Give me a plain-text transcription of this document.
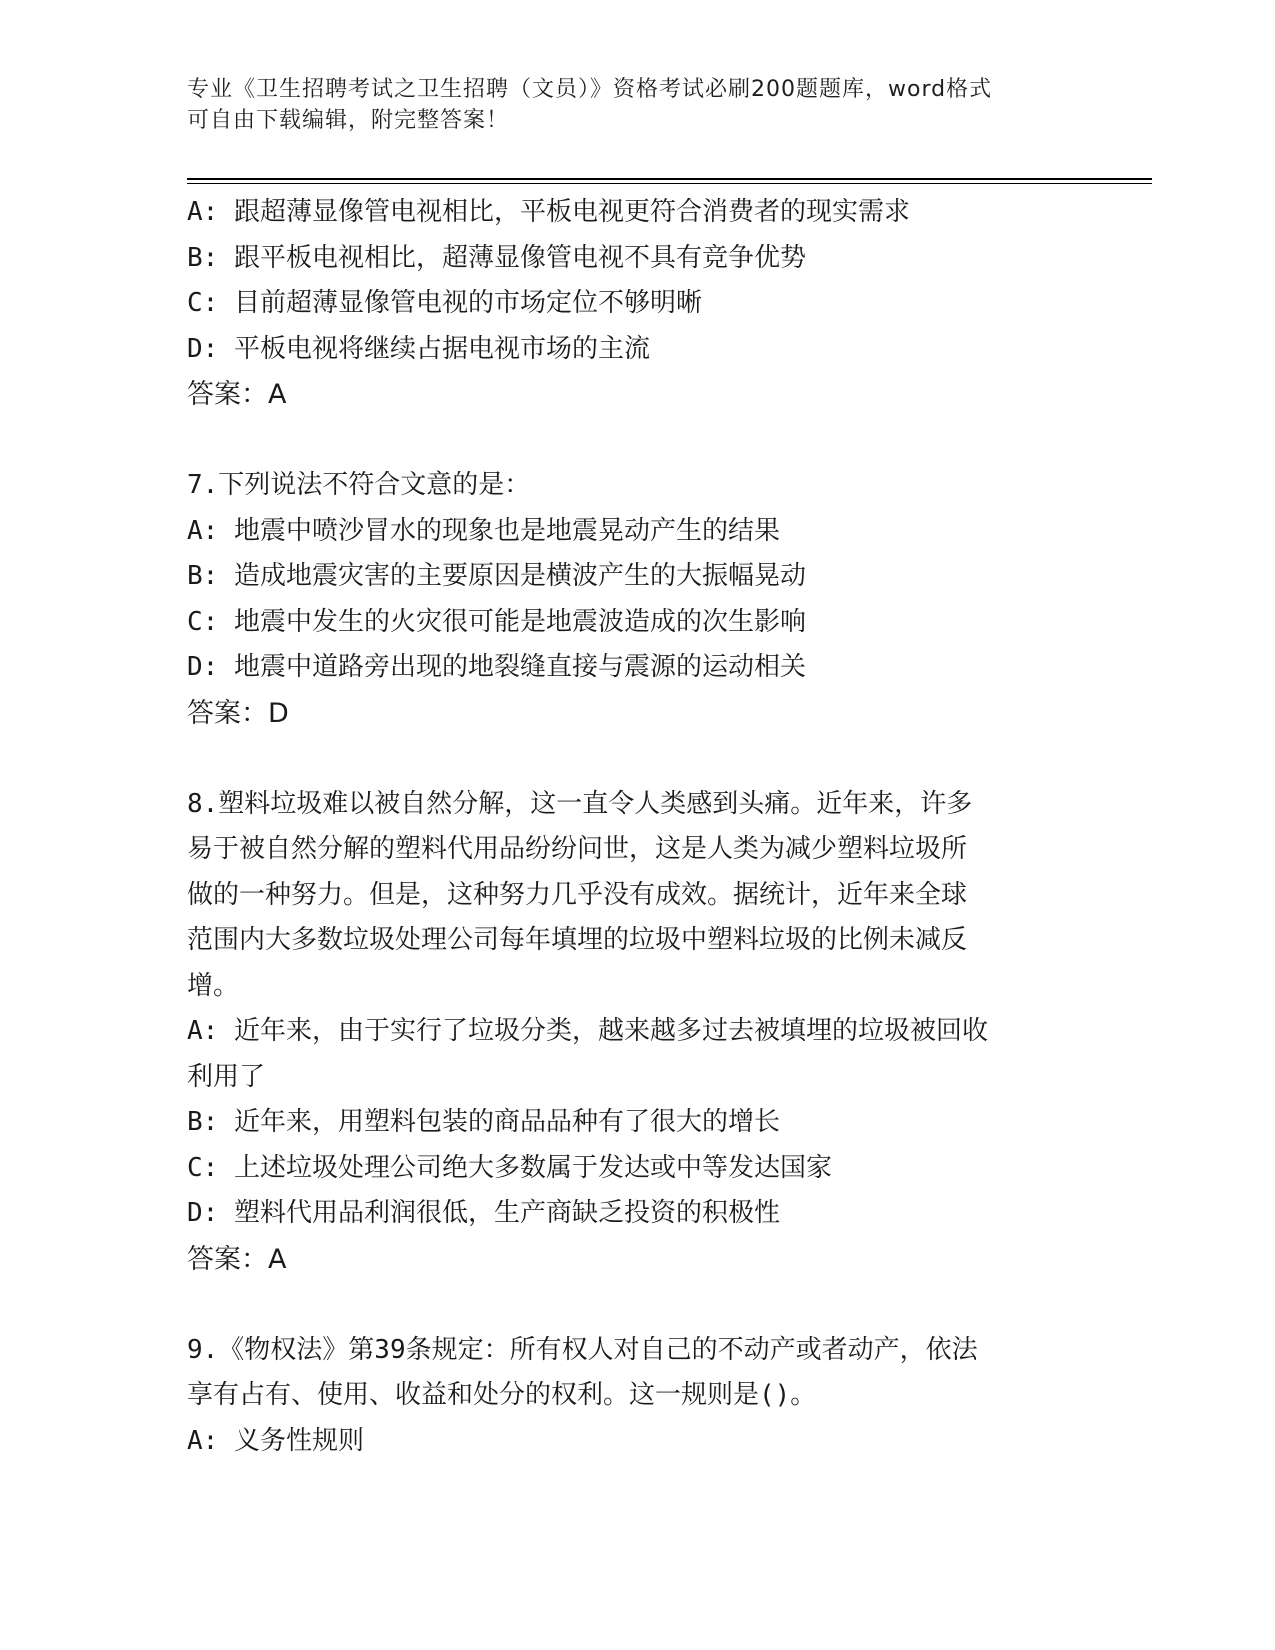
专业《卫生招聘考试之卫生招聘（文员）》资格考试必刷200题题库，word格式
可自由下载编辑，附完整答案！

A: 跟超薄显像管电视相比，平板电视更符合消费者的现实需求

B: 跟平板电视相比，超薄显像管电视不具有竞争优势

C: 目前超薄显像管电视的市场定位不够明晰

D: 平板电视将继续占据电视市场的主流

答案：A

7.下列说法不符合文意的是：

A: 地震中喷沙冒水的现象也是地震晃动产生的结果

B: 造成地震灾害的主要原因是横波产生的大振幅晃动

C: 地震中发生的火灾很可能是地震波造成的次生影响

D: 地震中道路旁出现的地裂缝直接与震源的运动相关

答案：D

8.塑料垃圾难以被自然分解，这一直令人类感到头痛。近年来，许多

易于被自然分解的塑料代用品纷纷问世，这是人类为减少塑料垃圾所

做的一种努力。但是，这种努力几乎没有成效。据统计，近年来全球

范围内大多数垃圾处理公司每年填埋的垃圾中塑料垃圾的比例未减反

增。

A: 近年来，由于实行了垃圾分类，越来越多过去被填埋的垃圾被回收

利用了

B: 近年来，用塑料包装的商品品种有了很大的增长

C: 上述垃圾处理公司绝大多数属于发达或中等发达国家

D: 塑料代用品利润很低，生产商缺乏投资的积极性

答案：A

9.《物权法》第39条规定：所有权人对自己的不动产或者动产，依法

享有占有、使用、收益和处分的权利。这一规则是()。

A: 义务性规则
